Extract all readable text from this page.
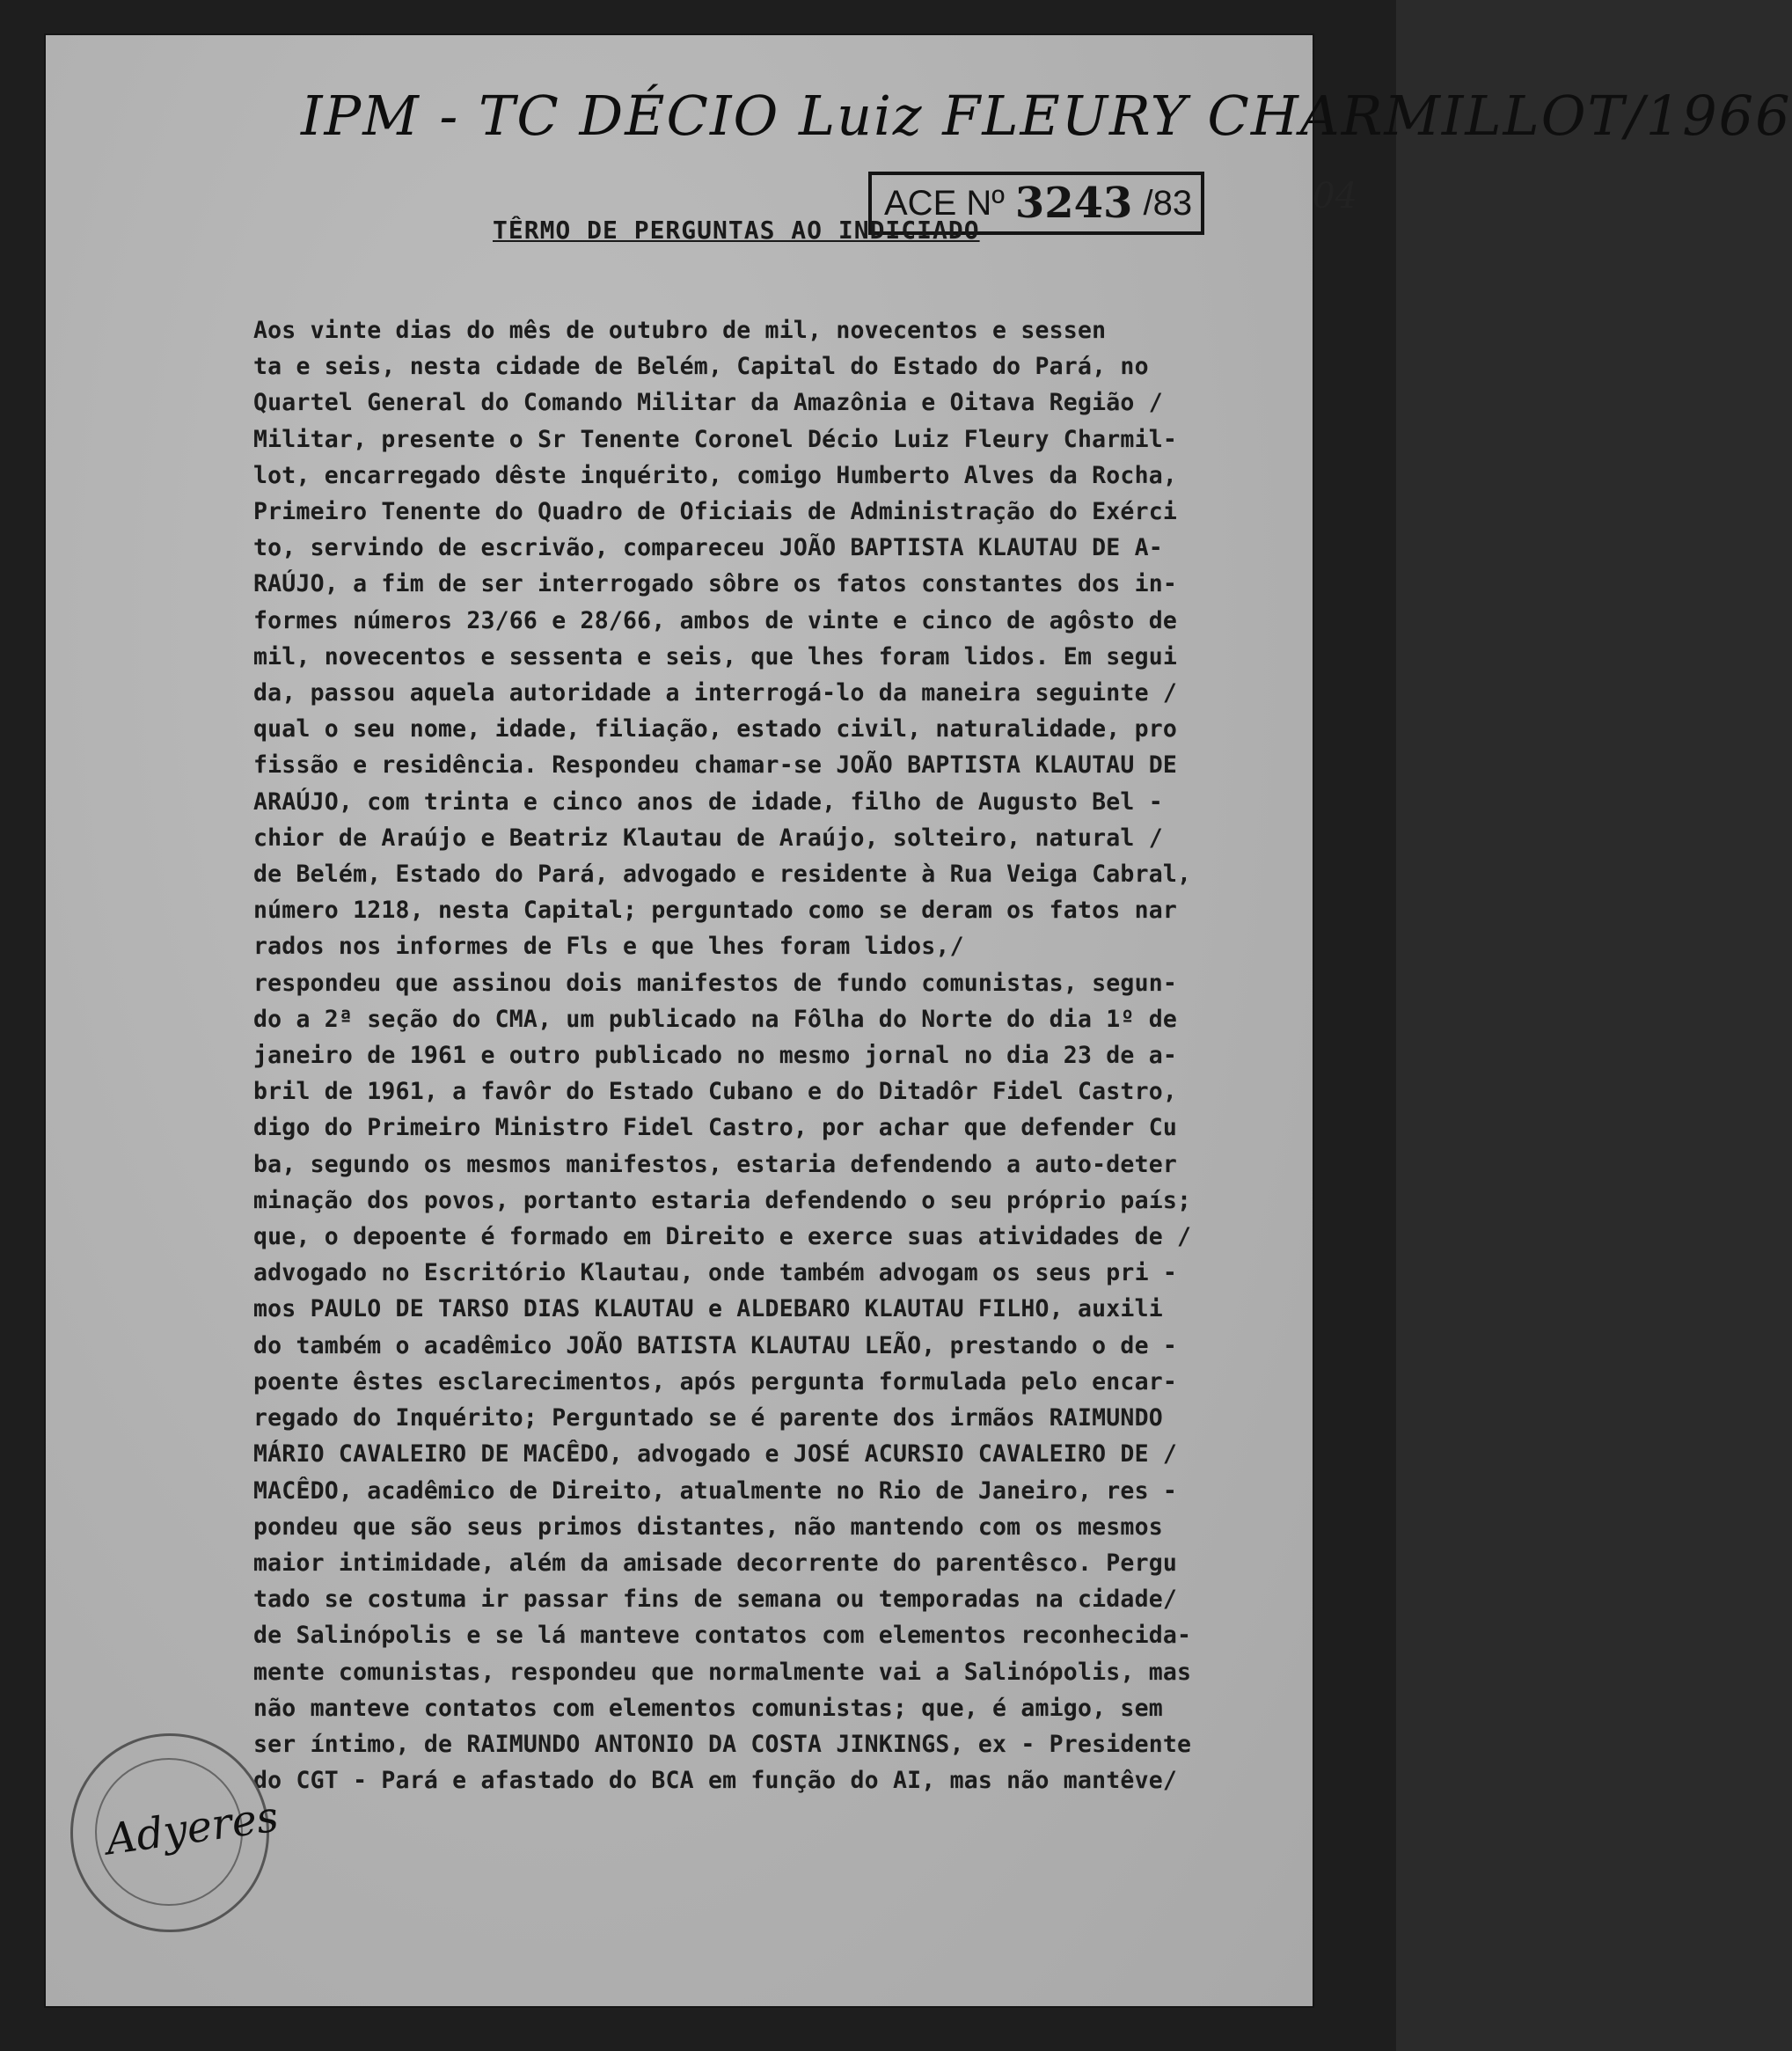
IPM - TC DÉCIO Luiz FLEURY CHARMILLOT/1966
ACE Nº 3243 /83	04
TÊRMO DE PERGUNTAS AO INDICIADO
Aos vinte dias do mês de outubro de mil, novecentos e sessen
ta e seis, nesta cidade de Belém, Capital do Estado do Pará, no
Quartel General do Comando Militar da Amazônia e Oitava Região /
Militar, presente o Sr Tenente Coronel Décio Luiz Fleury Charmil-
lot, encarregado dêste inquérito, comigo Humberto Alves da Rocha,
Primeiro Tenente do Quadro de Oficiais de Administração do Exérci
to, servindo de escrivão, compareceu JOÃO BAPTISTA KLAUTAU DE A-
RAÚJO, a fim de ser interrogado sôbre os fatos constantes dos in-
formes números 23/66 e 28/66, ambos de vinte e cinco de agôsto de
mil, novecentos e sessenta e seis, que lhes foram lidos. Em segui
da, passou aquela autoridade a interrogá-lo da maneira seguinte /
qual o seu nome, idade, filiação, estado civil, naturalidade, pro
fissão e residência. Respondeu chamar-se JOÃO BAPTISTA KLAUTAU DE
ARAÚJO, com trinta e cinco anos de idade, filho de Augusto Bel -
chior de Araújo e Beatriz Klautau de Araújo, solteiro, natural /
de Belém, Estado do Pará, advogado e residente à Rua Veiga Cabral,
número 1218, nesta Capital; perguntado como se deram os fatos nar
rados nos informes de Fls e que lhes foram lidos,/
respondeu que assinou dois manifestos de fundo comunistas, segun-
do a 2ª seção do CMA, um publicado na Fôlha do Norte do dia 1º de
janeiro de 1961 e outro publicado no mesmo jornal no dia 23 de a-
bril de 1961, a favôr do Estado Cubano e do Ditadôr Fidel Castro,
digo do Primeiro Ministro Fidel Castro, por achar que defender Cu
ba, segundo os mesmos manifestos, estaria defendendo a auto-deter
minação dos povos, portanto estaria defendendo o seu próprio país;
que, o depoente é formado em Direito e exerce suas atividades de /
advogado no Escritório Klautau, onde também advogam os seus pri -
mos PAULO DE TARSO DIAS KLAUTAU e ALDEBARO KLAUTAU FILHO, auxili
do também o acadêmico JOÃO BATISTA KLAUTAU LEÃO, prestando o de -
poente êstes esclarecimentos, após pergunta formulada pelo encar-
regado do Inquérito; Perguntado se é parente dos irmãos RAIMUNDO
MÁRIO CAVALEIRO DE MACÊDO, advogado e JOSÉ ACURSIO CAVALEIRO DE /
MACÊDO, acadêmico de Direito, atualmente no Rio de Janeiro, res -
pondeu que são seus primos distantes, não mantendo com os mesmos
maior intimidade, além da amisade decorrente do parentêsco. Pergu
tado se costuma ir passar fins de semana ou temporadas na cidade/
de Salinópolis e se lá manteve contatos com elementos reconhecida-
mente comunistas, respondeu que normalmente vai a Salinópolis, mas
não manteve contatos com elementos comunistas; que, é amigo, sem
ser íntimo, de RAIMUNDO ANTONIO DA COSTA JINKINGS, ex - Presidente
do CGT - Pará e afastado do BCA em função do AI, mas não mantêve/
Adyeres
